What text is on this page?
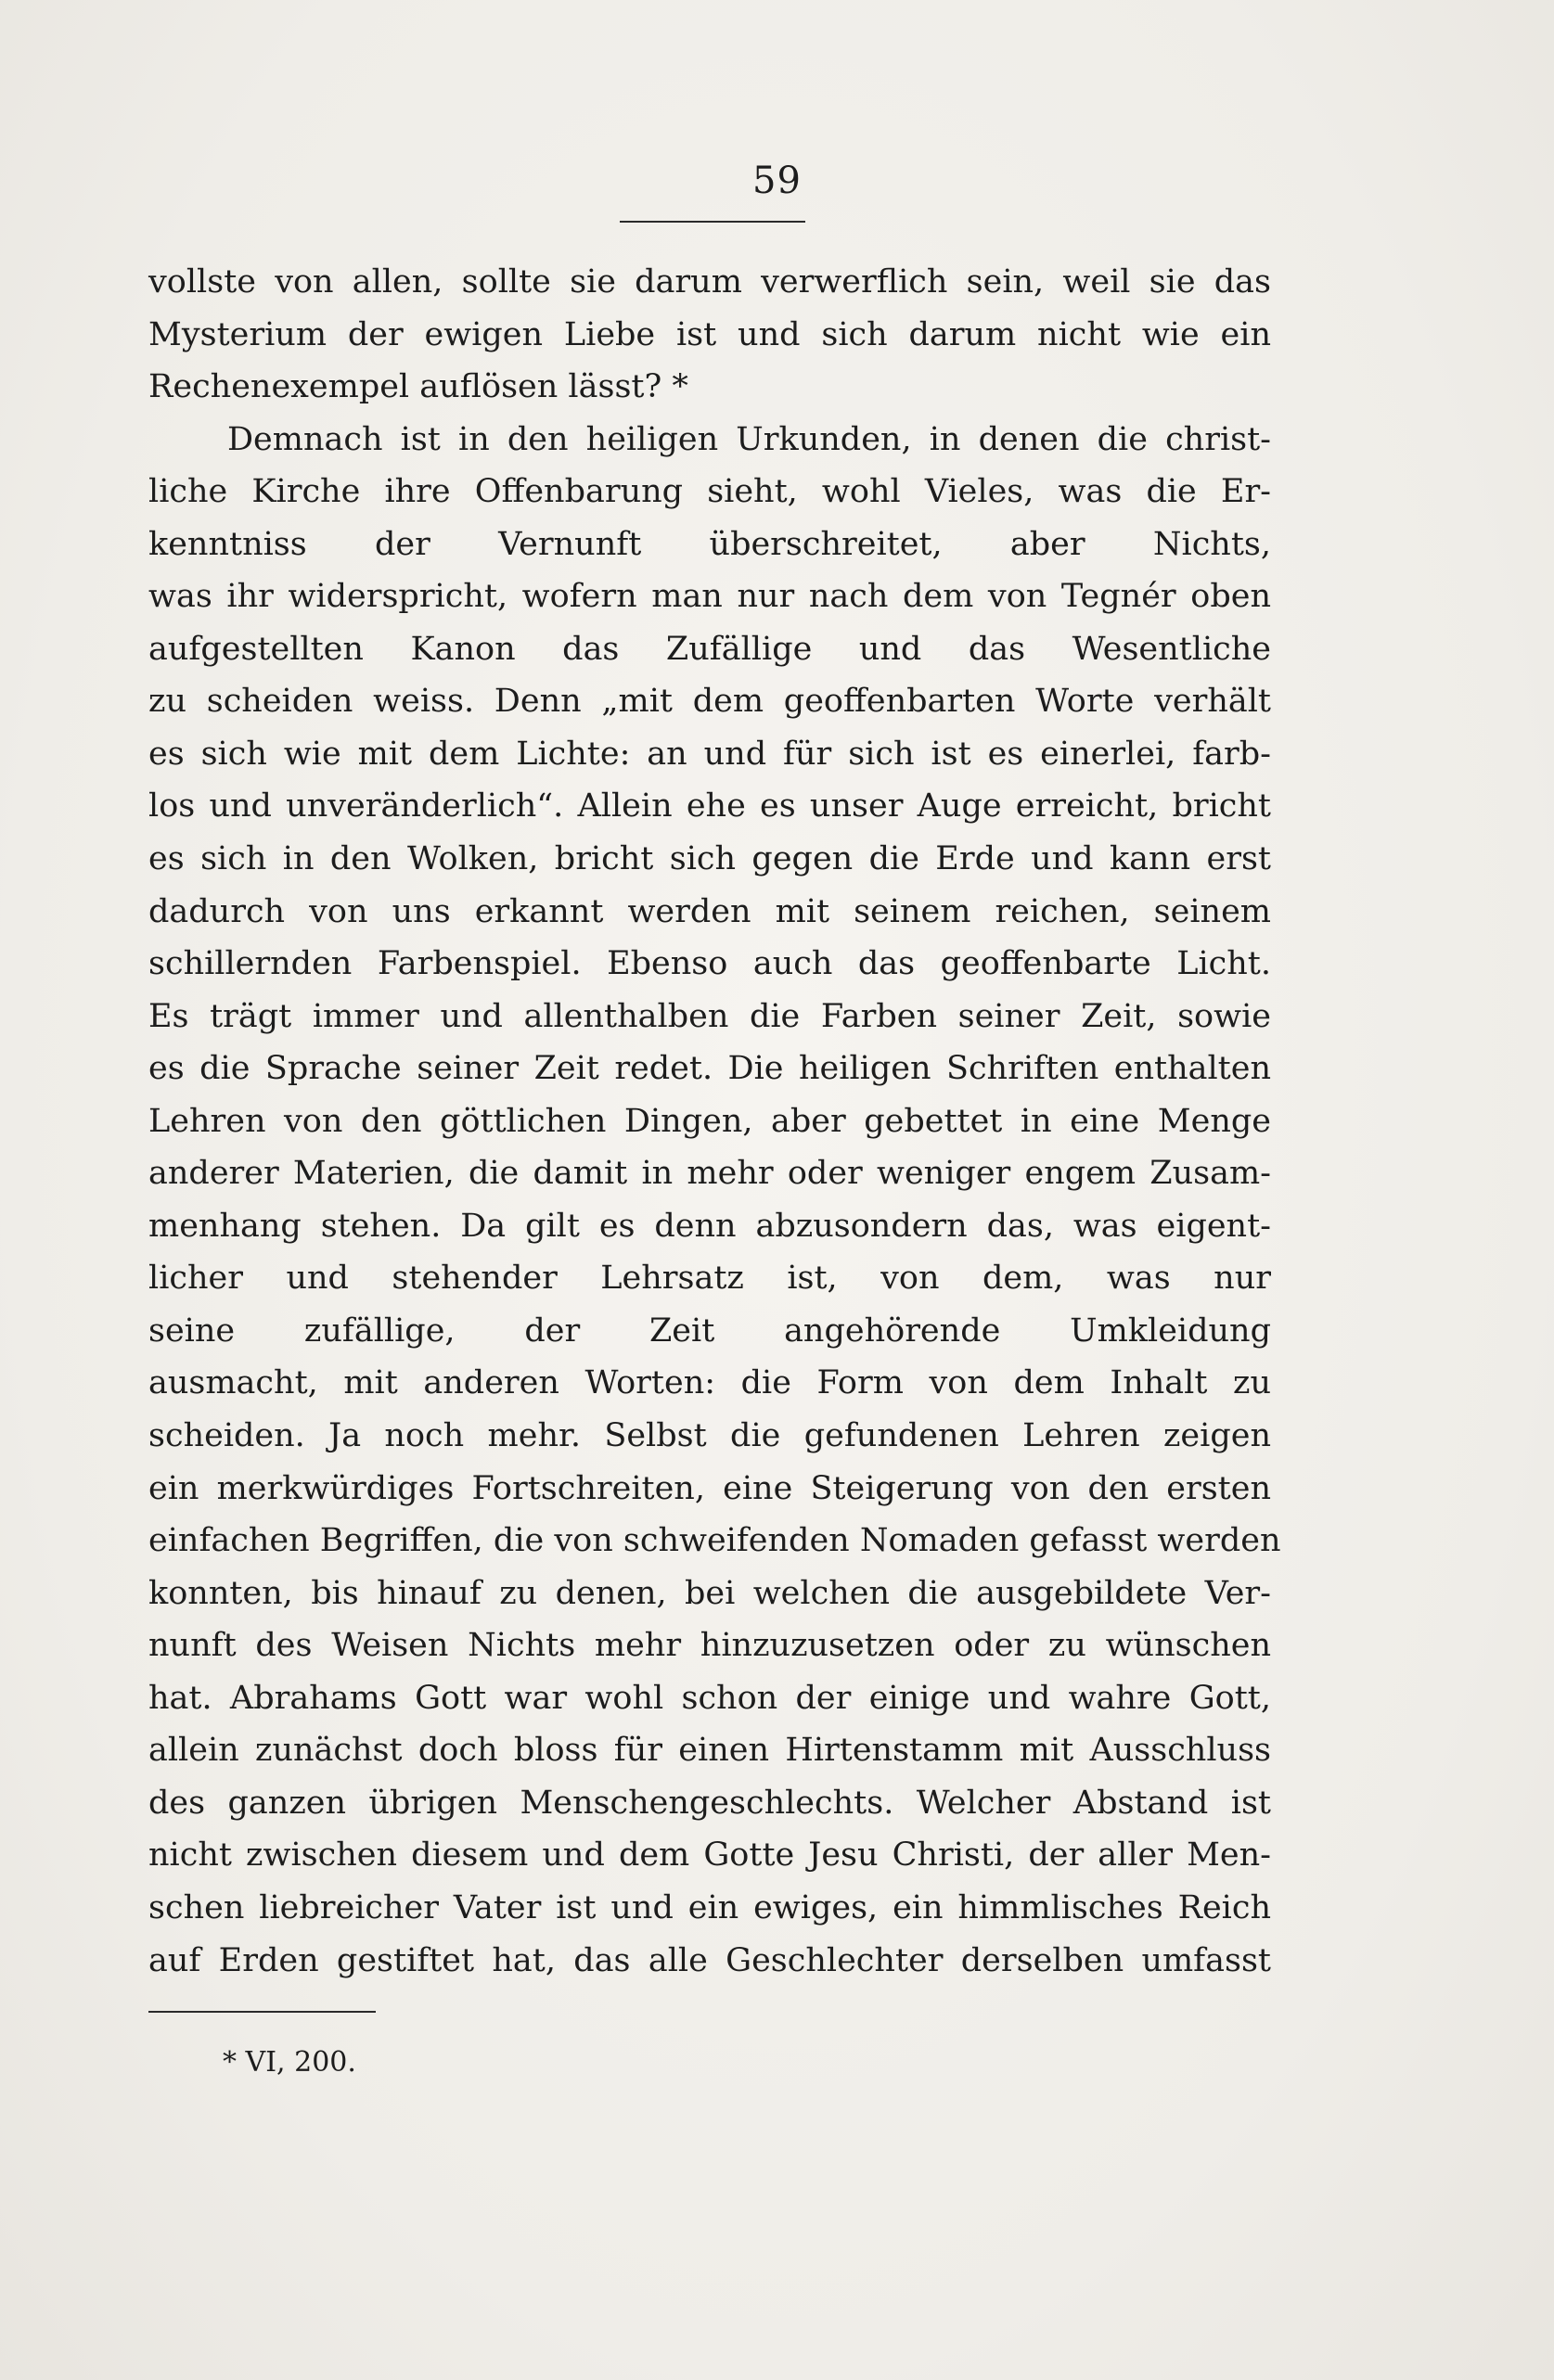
59
vollste von allen, sollte sie darum verwerflich sein, weil sie das
Mysterium der ewigen Liebe ist und sich darum nicht wie ein
Rechenexempel auflösen lässt? *
Demnach ist in den heiligen Urkunden, in denen die christ-
liche Kirche ihre Offenbarung sieht, wohl Vieles, was die Er-
kenntniss der Vernunft überschreitet, aber Nichts,
was ihr widerspricht, wofern man nur nach dem von Tegnér oben
aufgestellten Kanon das Zufällige und das Wesentliche
zu scheiden weiss. Denn „mit dem geoffenbarten Worte verhält
es sich wie mit dem Lichte: an und für sich ist es einerlei, farb-
los und unveränderlich“. Allein ehe es unser Auge erreicht, bricht
es sich in den Wolken, bricht sich gegen die Erde und kann erst
dadurch von uns erkannt werden mit seinem reichen, seinem
schillernden Farbenspiel. Ebenso auch das geoffenbarte Licht.
Es trägt immer und allenthalben die Farben seiner Zeit, sowie
es die Sprache seiner Zeit redet. Die heiligen Schriften enthalten
Lehren von den göttlichen Dingen, aber gebettet in eine Menge
anderer Materien, die damit in mehr oder weniger engem Zusam-
menhang stehen. Da gilt es denn abzusondern das, was eigent-
licher und stehender Lehrsatz ist, von dem, was nur
seine zufällige, der Zeit angehörende Umkleidung
ausmacht, mit anderen Worten: die Form von dem Inhalt zu
scheiden. Ja noch mehr. Selbst die gefundenen Lehren zeigen
ein merkwürdiges Fortschreiten, eine Steigerung von den ersten
einfachen Begriffen, die von schweifenden Nomaden gefasst werden
konnten, bis hinauf zu denen, bei welchen die ausgebildete Ver-
nunft des Weisen Nichts mehr hinzuzusetzen oder zu wünschen
hat. Abrahams Gott war wohl schon der einige und wahre Gott,
allein zunächst doch bloss für einen Hirtenstamm mit Ausschluss
des ganzen übrigen Menschengeschlechts. Welcher Abstand ist
nicht zwischen diesem und dem Gotte Jesu Christi, der aller Men-
schen liebreicher Vater ist und ein ewiges, ein himmlisches Reich
auf Erden gestiftet hat, das alle Geschlechter derselben umfasst
* VI, 200.
